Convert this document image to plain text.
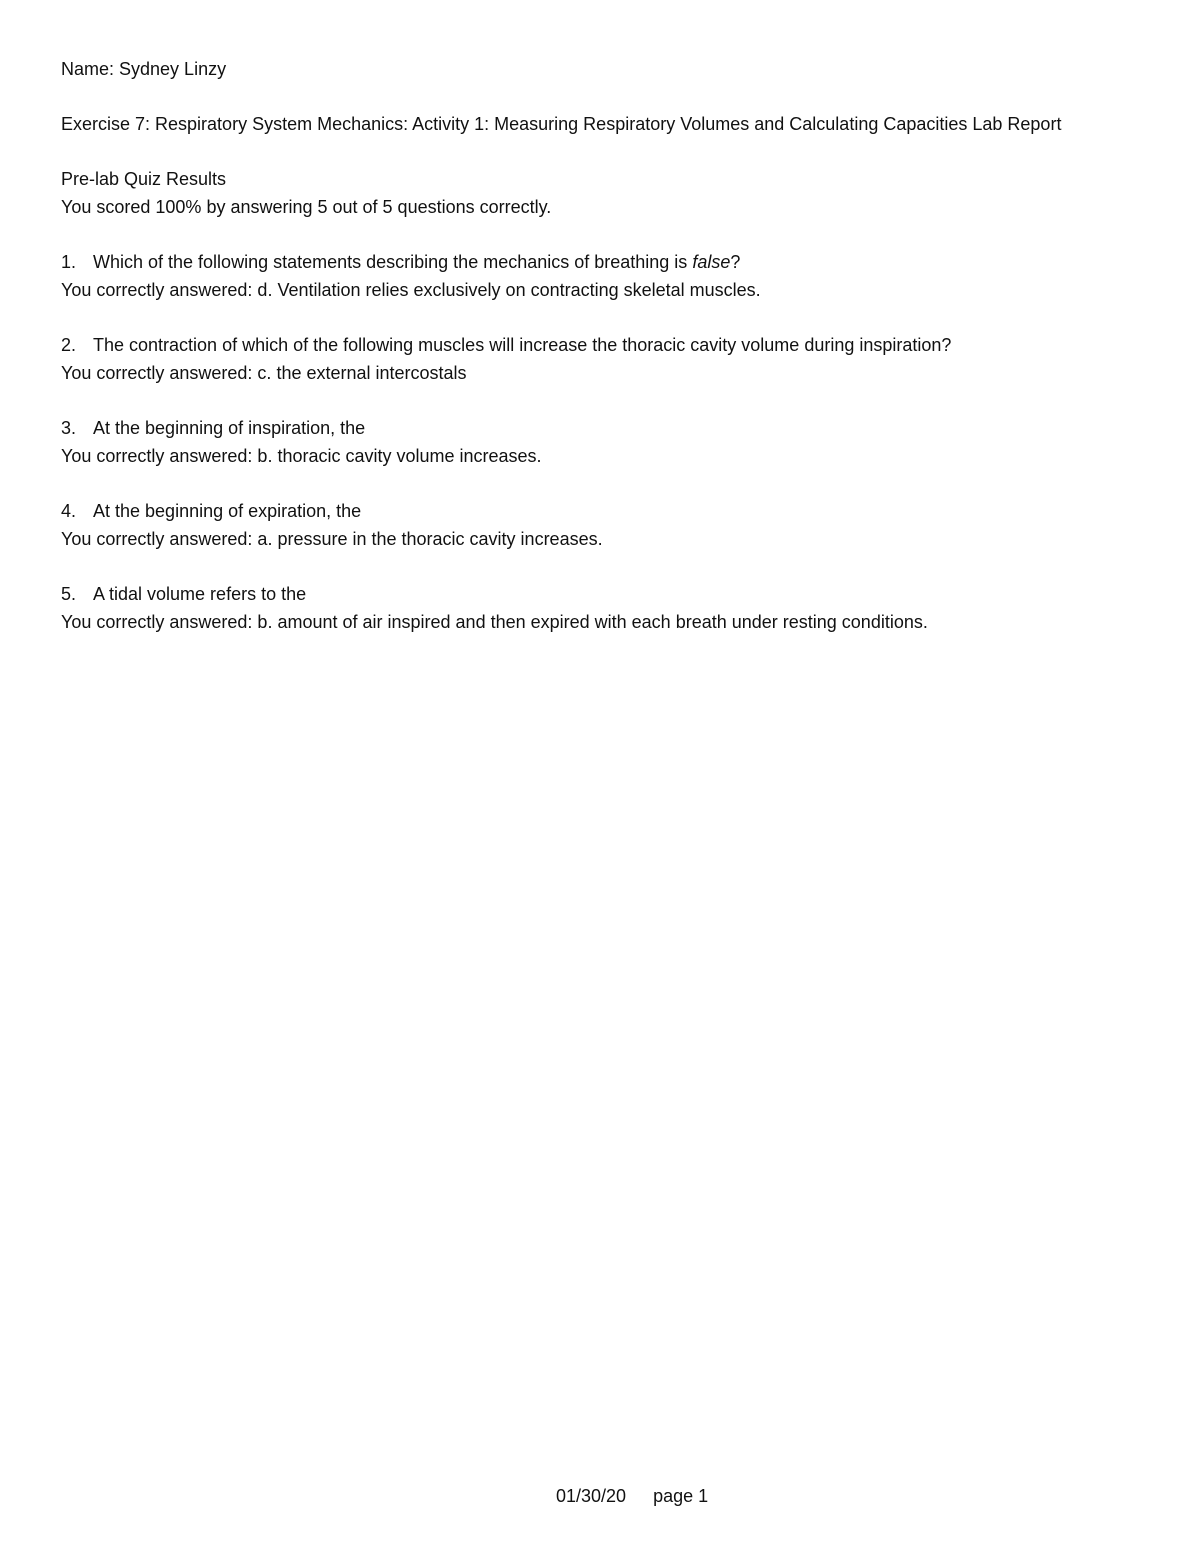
Name: Sydney Linzy
Exercise 7: Respiratory System Mechanics: Activity 1: Measuring Respiratory Volumes and Calculating Capacities Lab Report
Pre-lab Quiz Results
You scored 100% by answering 5 out of 5 questions correctly.
1. Which of the following statements describing the mechanics of breathing is false?
You correctly answered: d. Ventilation relies exclusively on contracting skeletal muscles.
2. The contraction of which of the following muscles will increase the thoracic cavity volume during inspiration?
You correctly answered: c. the external intercostals
3. At the beginning of inspiration, the
You correctly answered: b. thoracic cavity volume increases.
4. At the beginning of expiration, the
You correctly answered: a. pressure in the thoracic cavity increases.
5. A tidal volume refers to the
You correctly answered: b. amount of air inspired and then expired with each breath under resting conditions.
01/30/20 page 1
